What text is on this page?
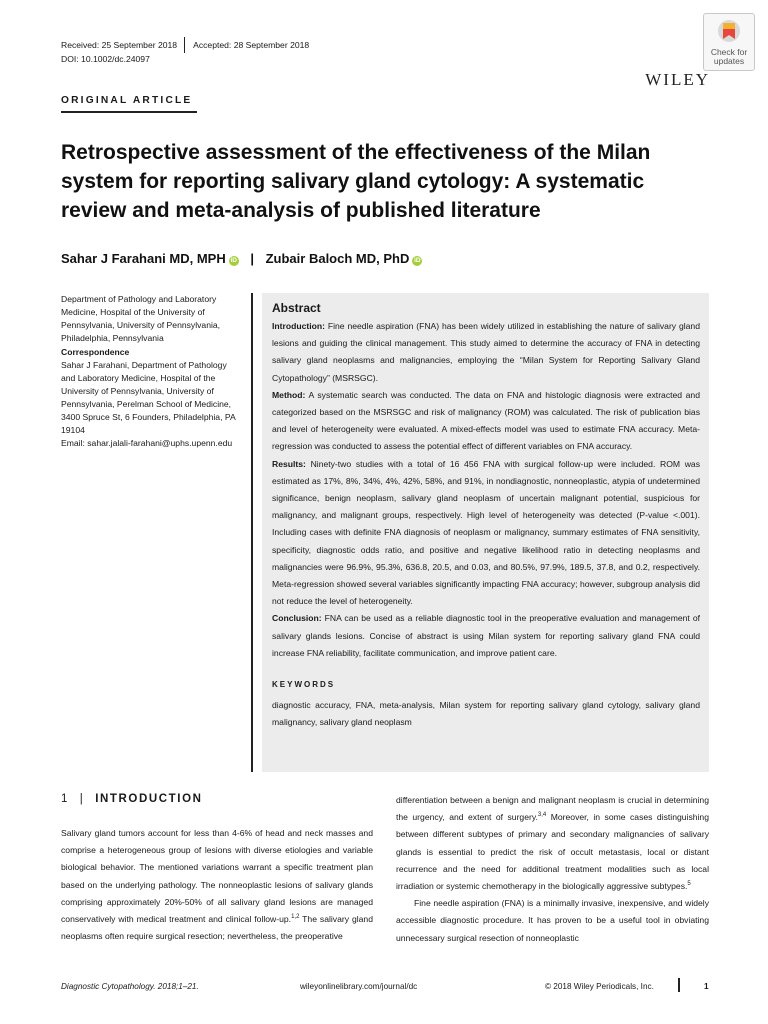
Received: 25 September 2018 Accepted: 28 September 2018
DOI: 10.1002/dc.24097
Check for
updates
WILEY
ORIGINAL ARTICLE
Retrospective assessment of the effectiveness of the Milan system for reporting salivary gland cytology: A systematic review and meta-analysis of published literature
Sahar J Farahani MD, MPH iD | Zubair Baloch MD, PhD iD

Department of Pathology and Laboratory Medicine, Hospital of the University of Pennsylvania, University of Pennsylvania, Philadelphia, Pennsylvania

Correspondence

Sahar J Farahani, Department of Pathology and Laboratory Medicine, Hospital of the University of Pennsylvania, University of Pennsylvania, Perelman School of Medicine, 3400 Spruce St, 6 Founders, Philadelphia, PA 19104

Email: sahar.jalali-farahani@uphs.upenn.edu

Abstract

Introduction: Fine needle aspiration (FNA) has been widely utilized in establishing the nature of salivary gland lesions and guiding the clinical management. This study aimed to determine the accuracy of FNA in detecting salivary gland neoplasms and malignancies, employing the “Milan System for Reporting Salivary Gland Cytopathology” (MSRSGC).

Method: A systematic search was conducted. The data on FNA and histologic diagnosis were extracted and categorized based on the MSRSGC and risk of malignancy (ROM) was calculated. The risk of publication bias and level of heterogeneity were evaluated. A mixed-effects model was used to estimate FNA accuracy. Meta-regression was conducted to assess the potential effect of different variables on FNA accuracy.

Results: Ninety-two studies with a total of 16 456 FNA with surgical follow-up were included. ROM was estimated as 17%, 8%, 34%, 4%, 42%, 58%, and 91%, in nondiagnostic, nonneoplastic, atypia of undetermined significance, benign neoplasm, salivary gland neoplasm of uncertain malignant potential, suspicious for malignancy, and malignant groups, respectively. High level of heterogeneity was detected (P-value <.001). Including cases with definite FNA diagnosis of neoplasm or malignancy, summary estimates of FNA sensitivity, specificity, diagnostic odds ratio, and positive and negative likelihood ratio in detecting neoplasms and malignancies were 96.9%, 95.3%, 636.8, 20.5, and 0.03, and 80.5%, 97.9%, 189.5, 37.8, and 0.2, respectively. Meta-regression showed several variables significantly impacting FNA accuracy; however, subgroup analysis did not reduce the level of heterogeneity.

Conclusion: FNA can be used as a reliable diagnostic tool in the preoperative evaluation and management of salivary glands lesions. Concise of abstract is using Milan system for reporting salivary gland FNA could increase FNA reliability, facilitate communication, and improve patient care.

KEYWORDS

diagnostic accuracy, FNA, meta-analysis, Milan system for reporting salivary gland cytology, salivary gland malignancy, salivary gland neoplasm

1 | INTRODUCTION

Salivary gland tumors account for less than 4-6% of head and neck masses and comprise a heterogeneous group of lesions with diverse etiologies and variable biological behavior. The mentioned variations warrant a specific treatment plan based on the underlying pathology. The nonneoplastic lesions of salivary glands comprising approximately 20%-50% of all salivary gland lesions are managed conservatively with medical treatment and clinical follow-up.$^{1,2}$ The salivary gland neoplasms often require surgical resection; nevertheless, the preoperative

differentiation between a benign and malignant neoplasm is crucial in determining the urgency, and extent of surgery.$^{3,4}$ Moreover, in some cases distinguishing between different subtypes of primary and secondary malignancies of salivary glands is essential to predict the risk of occult metastasis, local or distant recurrence and the need for additional treatment modalities such as local irradiation or systemic chemotherapy in the biologically aggressive subtypes.$^5$

Fine needle aspiration (FNA) is a minimally invasive, inexpensive, and widely accessible diagnostic procedure. It has proven to be a useful tool in obviating unnecessary surgical resection of nonneoplastic

Diagnostic Cytopathology. 2018;1–21.	wileyonlinelibrary.com/journal/dc	© 2018 Wiley Periodicals, Inc.	1
